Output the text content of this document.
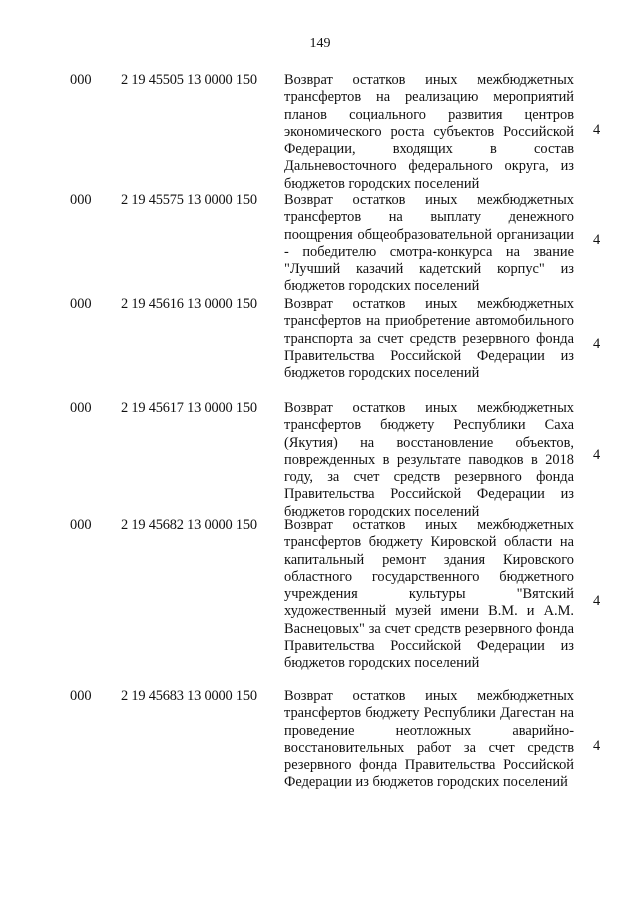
149
000 2 19 45505 13 0000 150 Возврат остатков иных межбюджетных трансфертов на реализацию мероприятий планов социального развития центров экономического роста субъектов Российской Федерации, входящих в состав Дальневосточного федерального округа, из бюджетов городских поселений
4
000 2 19 45575 13 0000 150 Возврат остатков иных межбюджетных трансфертов на выплату денежного поощрения общеобразовательной организации - победителю смотра-конкурса на звание "Лучший казачий кадетский корпус" из бюджетов городских поселений
4
000 2 19 45616 13 0000 150 Возврат остатков иных межбюджетных трансфертов на приобретение автомобильного транспорта за счет средств резервного фонда Правительства Российской Федерации из бюджетов городских поселений
4
000 2 19 45617 13 0000 150 Возврат остатков иных межбюджетных трансфертов бюджету Республики Саха (Якутия) на восстановление объектов, поврежденных в результате паводков в 2018 году, за счет средств резервного фонда Правительства Российской Федерации из бюджетов городских поселений
4
000 2 19 45682 13 0000 150 Возврат остатков иных межбюджетных трансфертов бюджету Кировской области на капитальный ремонт здания Кировского областного государственного бюджетного учреждения культуры "Вятский художественный музей имени В.М. и А.М. Васнецовых" за счет средств резервного фонда Правительства Российской Федерации из бюджетов городских поселений
4
000 2 19 45683 13 0000 150 Возврат остатков иных межбюджетных трансфертов бюджету Республики Дагестан на проведение неотложных аварийно-восстановительных работ за счет средств резервного фонда Правительства Российской Федерации из бюджетов городских поселений
4
